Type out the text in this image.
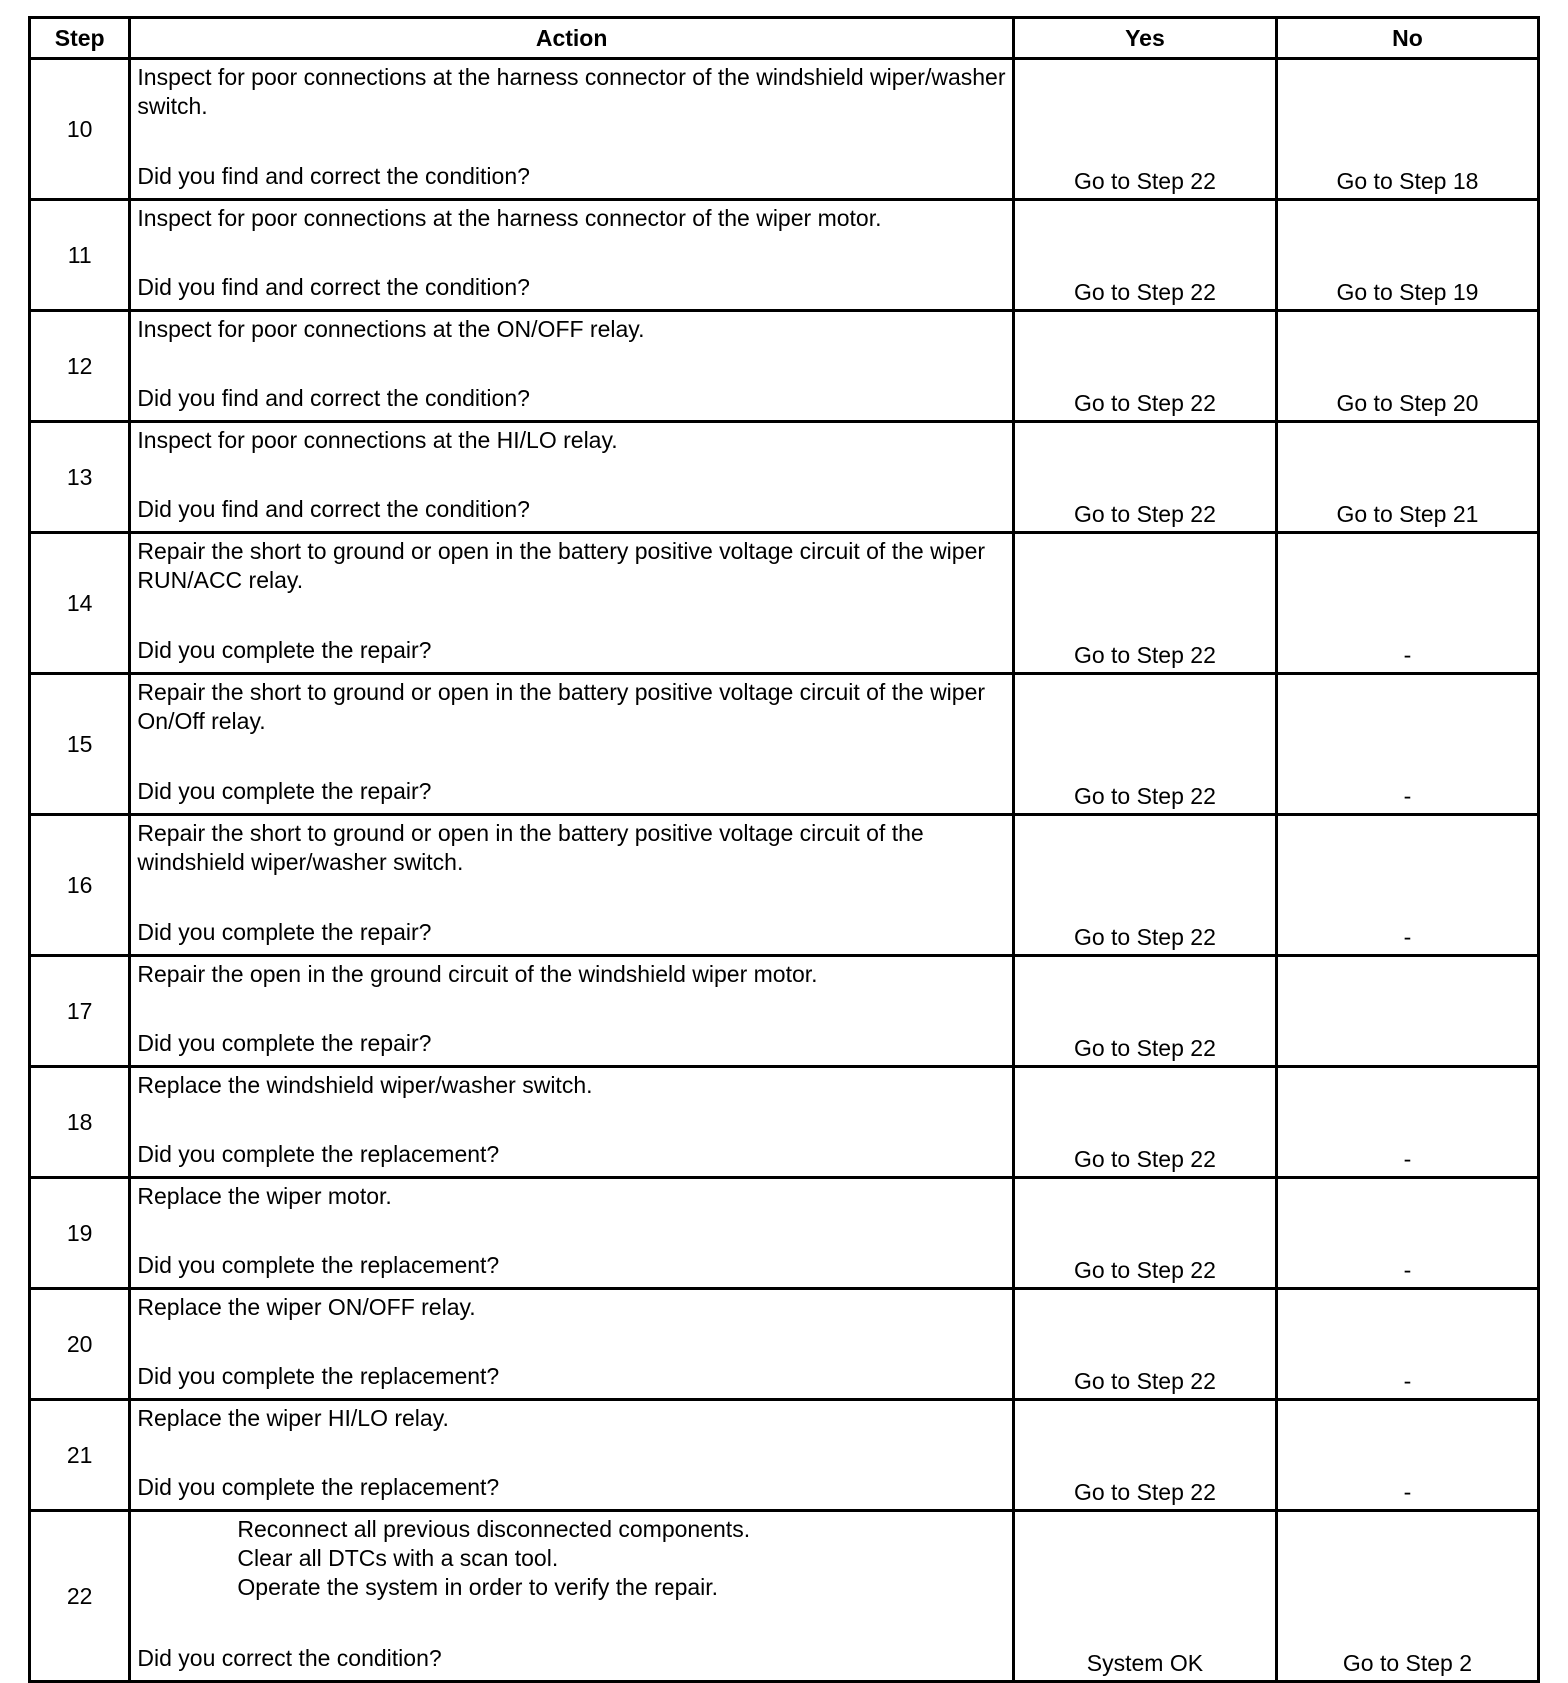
Step	Action	Yes	No
10	Inspect for poor connections at the harness connector of the windshield wiper/washer switch.
Did you find and correct the condition?	Go to Step 22	Go to Step 18
11	Inspect for poor connections at the harness connector of the wiper motor.
Did you find and correct the condition?	Go to Step 22	Go to Step 19
12	Inspect for poor connections at the ON/OFF relay.
Did you find and correct the condition?	Go to Step 22	Go to Step 20
13	Inspect for poor connections at the HI/LO relay.
Did you find and correct the condition?	Go to Step 22	Go to Step 21
14	Repair the short to ground or open in the battery positive voltage circuit of the wiper RUN/ACC relay.
Did you complete the repair?	Go to Step 22	-
15	Repair the short to ground or open in the battery positive voltage circuit of the wiper On/Off relay.
Did you complete the repair?	Go to Step 22	-
16	Repair the short to ground or open in the battery positive voltage circuit of the windshield wiper/washer switch.
Did you complete the repair?	Go to Step 22	-
17	Repair the open in the ground circuit of the windshield wiper motor.
Did you complete the repair?	Go to Step 22	
18	Replace the windshield wiper/washer switch.
Did you complete the replacement?	Go to Step 22	-
19	Replace the wiper motor.
Did you complete the replacement?	Go to Step 22	-
20	Replace the wiper ON/OFF relay.
Did you complete the replacement?	Go to Step 22	-
21	Replace the wiper HI/LO relay.
Did you complete the replacement?	Go to Step 22	-
22	Reconnect all previous disconnected components.
Clear all DTCs with a scan tool.
Operate the system in order to verify the repair.
Did you correct the condition?	System OK	Go to Step 2
